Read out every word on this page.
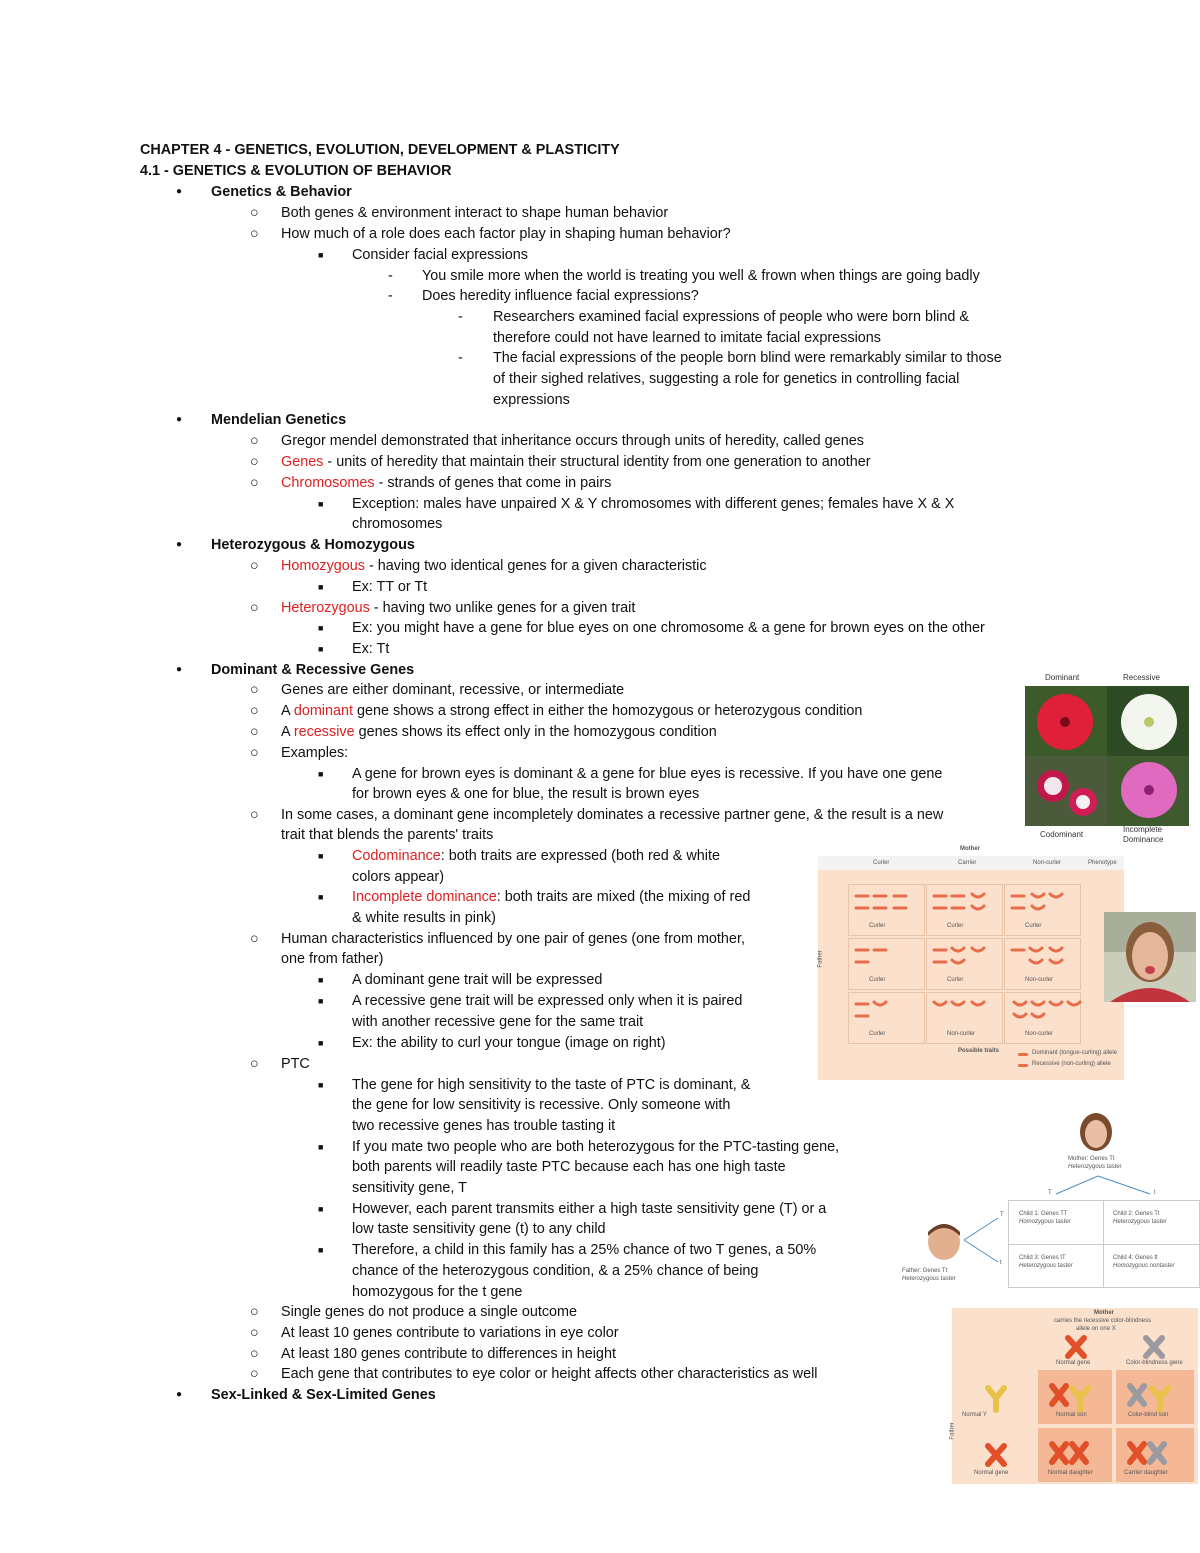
CHAPTER 4 - GENETICS, EVOLUTION, DEVELOPMENT & PLASTICITY
4.1 - GENETICS & EVOLUTION OF BEHAVIOR
● Genetics & Behavior
○ Both genes & environment interact to shape human behavior
○ How much of a role does each factor play in shaping human behavior?
■ Consider facial expressions
- You smile more when the world is treating you well & frown when things are going badly
- Does heredity influence facial expressions?
- Researchers examined facial expressions of people who were born blind &
therefore could not have learned to imitate facial expressions
- The facial expressions of the people born blind were remarkably similar to those
of their sighed relatives, suggesting a role for genetics in controlling facial
expressions
● Mendelian Genetics
○ Gregor mendel demonstrated that inheritance occurs through units of heredity, called genes
○ Genes - units of heredity that maintain their structural identity from one generation to another
○ Chromosomes - strands of genes that come in pairs
■ Exception: males have unpaired X & Y chromosomes with different genes; females have X & X
chromosomes
● Heterozygous & Homozygous
○ Homozygous - having two identical genes for a given characteristic
■ Ex: TT or Tt
○ Heterozygous - having two unlike genes for a given trait
■ Ex: you might have a gene for blue eyes on one chromosome & a gene for brown eyes on the other
■ Ex: Tt
● Dominant & Recessive Genes
○ Genes are either dominant, recessive, or intermediate
○ A dominant gene shows a strong effect in either the homozygous or heterozygous condition
○ A recessive genes shows its effect only in the homozygous condition
○ Examples:
■ A gene for brown eyes is dominant & a gene for blue eyes is recessive. If you have one gene
for brown eyes & one for blue, the result is brown eyes
○ In some cases, a dominant gene incompletely dominates a recessive partner gene, & the result is a new
trait that blends the parents' traits
■ Codominance: both traits are expressed (both red & white
colors appear)
■ Incomplete dominance: both traits are mixed (the mixing of red
& white results in pink)
○ Human characteristics influenced by one pair of genes (one from mother,
one from father)
■ A dominant gene trait will be expressed
■ A recessive gene trait will be expressed only when it is paired
with another recessive gene for the same trait
■ Ex: the ability to curl your tongue (image on right)
○ PTC
■ The gene for high sensitivity to the taste of PTC is dominant, &
the gene for low sensitivity is recessive. Only someone with
two recessive genes has trouble tasting it
■ If you mate two people who are both heterozygous for the PTC-tasting gene,
both parents will readily taste PTC because each has one high taste
sensitivity gene, T
■ However, each parent transmits either a high taste sensitivity gene (T) or a
low taste sensitivity gene (t) to any child
■ Therefore, a child in this family has a 25% chance of two T genes, a 50%
chance of the heterozygous condition, & a 25% chance of being
homozygous for the t gene
○ Single genes do not produce a single outcome
○ At least 10 genes contribute to variations in eye color
○ At least 180 genes contribute to differences in height
○ Each gene that contributes to eye color or height affects other characteristics as well
● Sex-Linked & Sex-Limited Genes
Dominant	Recessive
Codominant
Incomplete
Dominance
Mother
Curler	Carrier	Non-curler	Phenotype
Father
Curler	Curler	Curler
Curler	Curler	Non-curler
Curler	Non-curler	Non-curler
Possible traits	Dominant (tongue-curling) allele
Recessive (non-curling) allele
Mother: Genes Tt
Heterozygous taster
T	t
T
t
Child 1: Genes TT
Homozygous taster
Child 2: Genes Tt
Heterozygous taster
Child 3: Genes tT
Heterozygous taster
Child 4: Genes tt
Homozygous nontaster
Father: Genes Tt
Heterozygous taster
Mother
carries the recessive color-blindness
allele on one X
Father
Normal gene	Color-blindness gene
Normal Y	Normal son	Color-blind son
Normal gene	Normal daughter	Carrier daughter
